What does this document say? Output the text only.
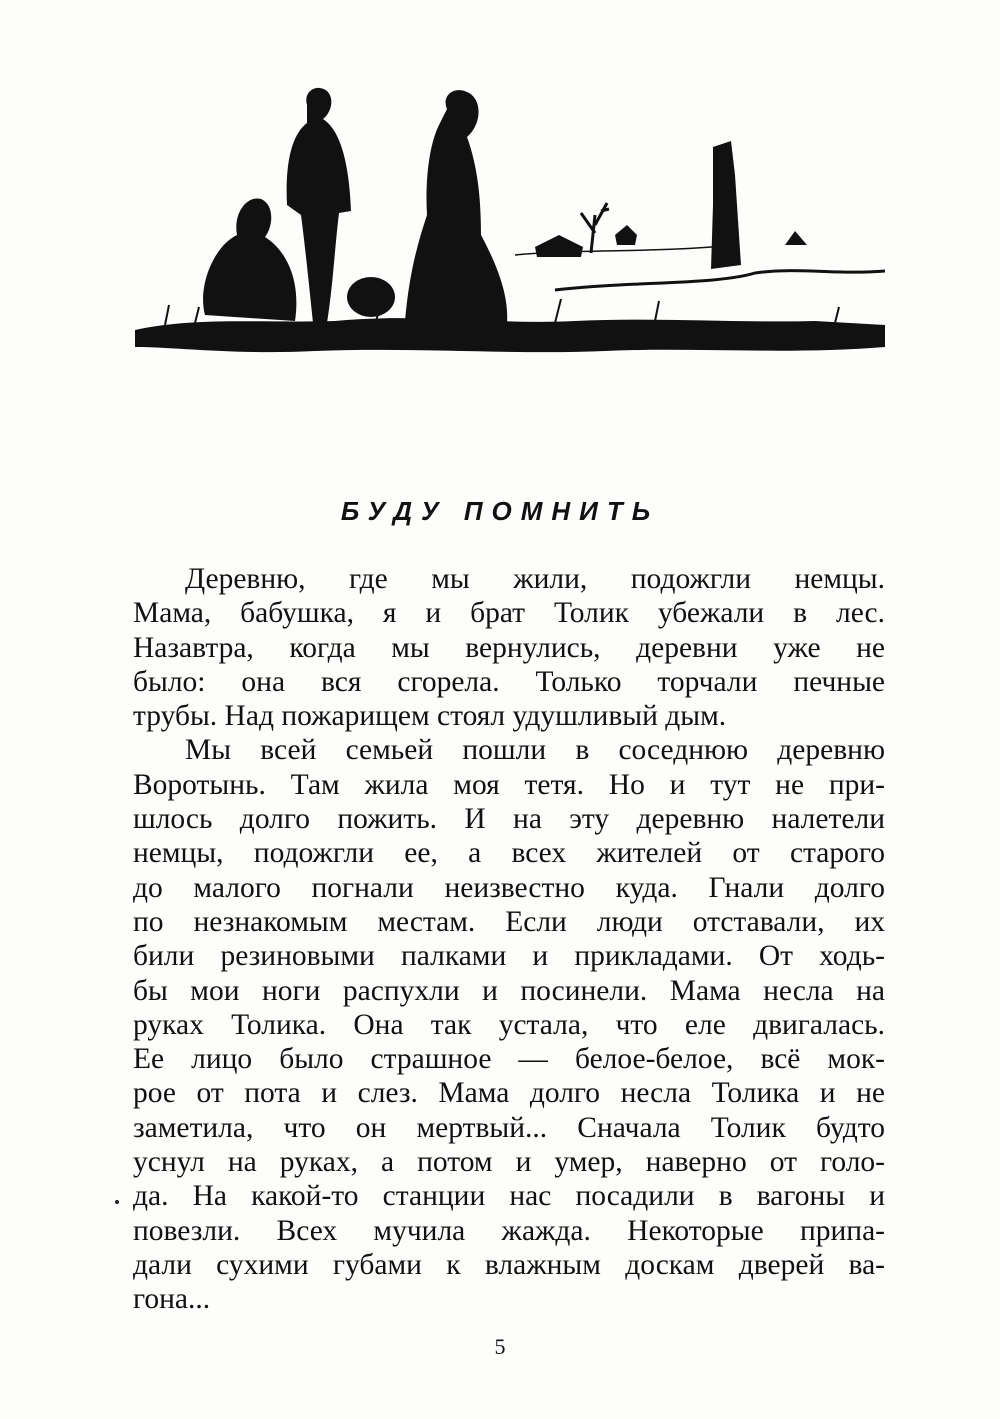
БУДУ ПОМНИТЬ
Деревню, где мы жили, подожгли немцы.
Мама, бабушка, я и брат Толик убежали в лес.
Назавтра, когда мы вернулись, деревни уже не
было: она вся сгорела. Только торчали печные
трубы. Над пожарищем стоял удушливый дым.
Мы всей семьей пошли в соседнюю деревню
Воротынь. Там жила моя тетя. Но и тут не при-
шлось долго пожить. И на эту деревню налетели
немцы, подожгли ее, а всех жителей от старого
до малого погнали неизвестно куда. Гнали долго
по незнакомым местам. Если люди отставали, их
били резиновыми палками и прикладами. От ходь-
бы мои ноги распухли и посинели. Мама несла на
руках Толика. Она так устала, что еле двигалась.
Ее лицо было страшное — белое-белое, всё мок-
рое от пота и слез. Мама долго несла Толика и не
заметила, что он мертвый... Сначала Толик будто
уснул на руках, а потом и умер, наверно от голо-
да. На какой-то станции нас посадили в вагоны и
повезли. Всех мучила жажда. Некоторые припа-
дали сухими губами к влажным доскам дверей ва-
гона...
5
